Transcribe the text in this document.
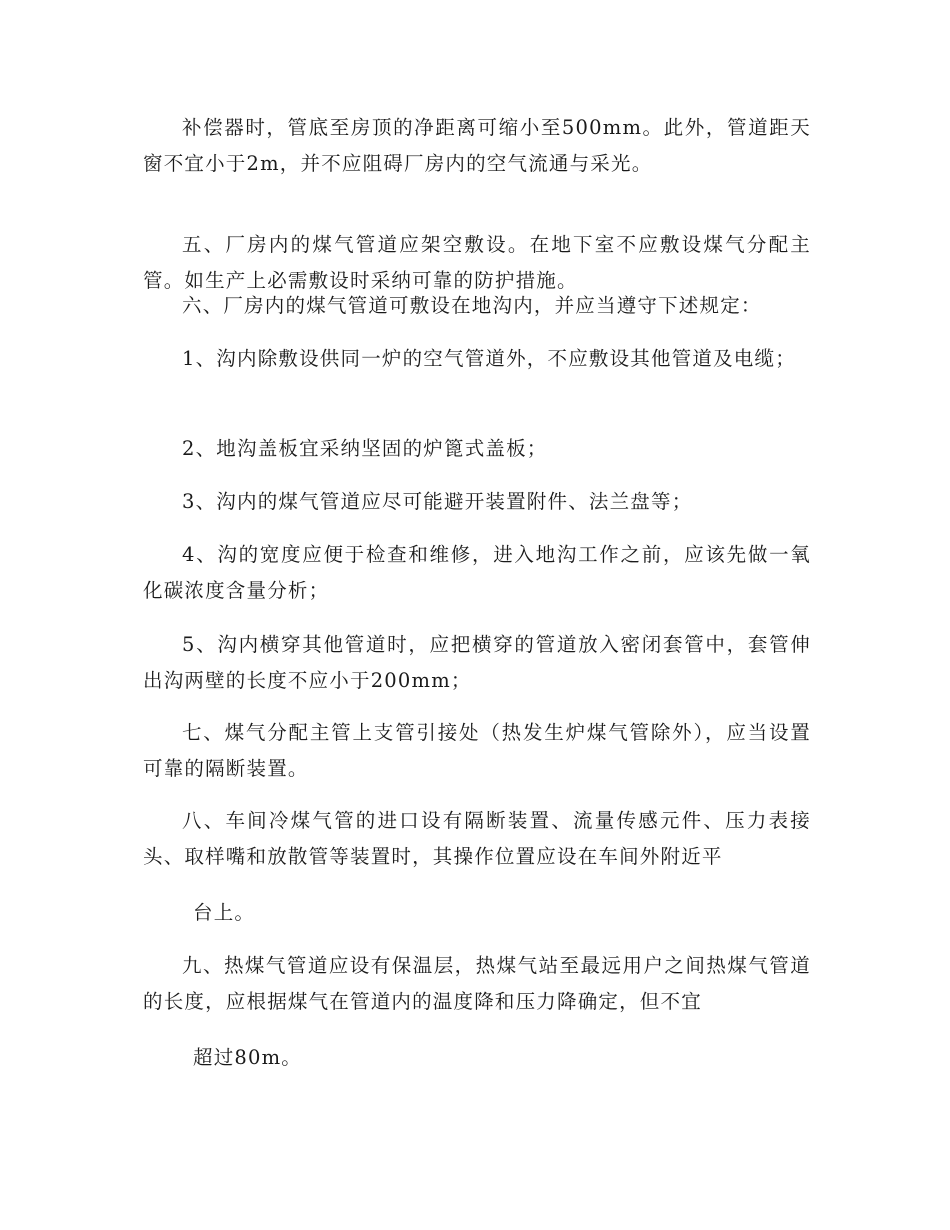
补偿器时，管底至房顶的净距离可缩小至500mm。此外，管道距天窗不宜小于2m，并不应阻碍厂房内的空气流通与采光。

五、厂房内的煤气管道应架空敷设。在地下室不应敷设煤气分配主管。如生产上必需敷设时采纳可靠的防护措施。

六、厂房内的煤气管道可敷设在地沟内，并应当遵守下述规定：

1、沟内除敷设供同一炉的空气管道外，不应敷设其他管道及电缆；

2、地沟盖板宜采纳坚固的炉篦式盖板；

3、沟内的煤气管道应尽可能避开装置附件、法兰盘等；

4、沟的宽度应便于检查和维修，进入地沟工作之前，应该先做一氧化碳浓度含量分析；

5、沟内横穿其他管道时，应把横穿的管道放入密闭套管中，套管伸出沟两壁的长度不应小于200mm；

七、煤气分配主管上支管引接处（热发生炉煤气管除外），应当设置可靠的隔断装置。

八、车间冷煤气管的进口设有隔断装置、流量传感元件、压力表接头、取样嘴和放散管等装置时，其操作位置应设在车间外附近平

台上。

九、热煤气管道应设有保温层，热煤气站至最远用户之间热煤气管道的长度，应根据煤气在管道内的温度降和压力降确定，但不宜

超过80m。
